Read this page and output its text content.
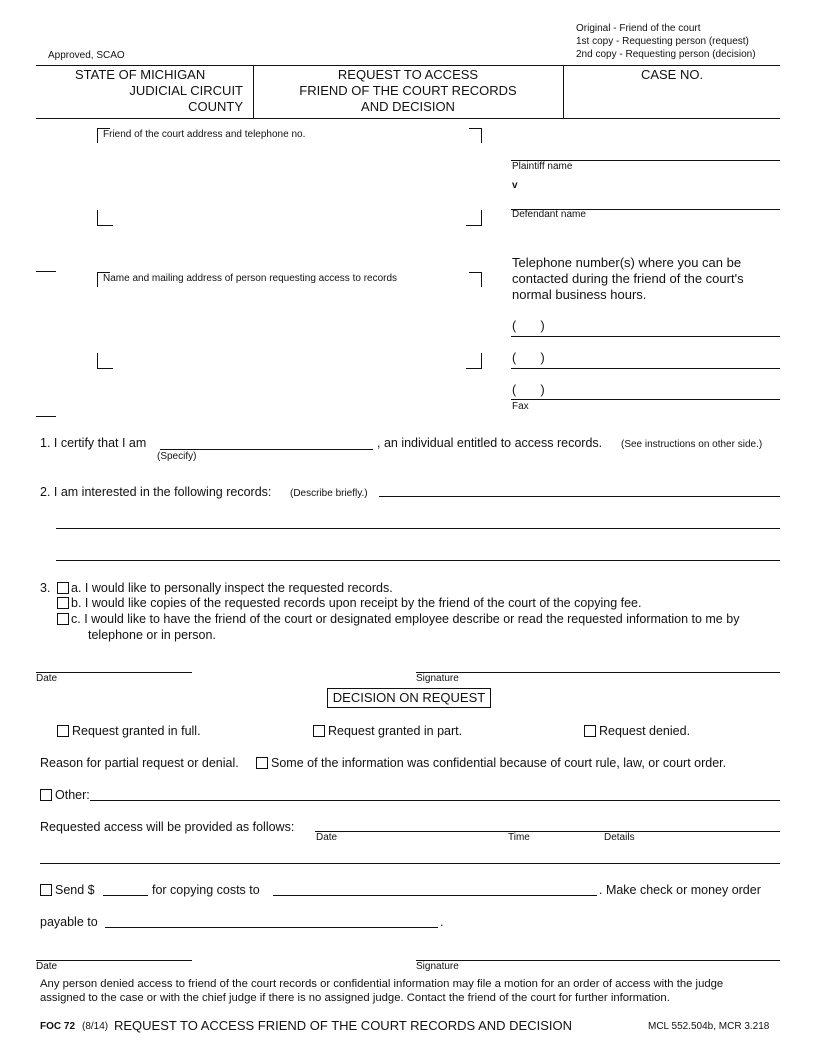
Approved, SCAO
Original - Friend of the court
1st copy - Requesting person (request)
2nd copy - Requesting person (decision)
STATE OF MICHIGAN
JUDICIAL CIRCUIT
COUNTY
REQUEST TO ACCESS
FRIEND OF THE COURT RECORDS
AND DECISION
CASE NO.
Friend of the court address and telephone no.
Name and mailing address of person requesting access to records
Plaintiff name
v
Defendant name
Telephone number(s) where you can be
contacted during the friend of the court's
normal business hours.
(       )
(       )
(       )
Fax
1. I certify that I am
(Specify)
, an individual entitled to access records. (See instructions on other side.)
2. I am interested in the following records: (Describe briefly.)
3. a. I would like to personally inspect the requested records.
b. I would like copies of the requested records upon receipt by the friend of the court of the copying fee.
c. I would like to have the friend of the court or designated employee describe or read the requested information to me by
telephone or in person.
Date	Signature
DECISION ON REQUEST
Request granted in full.	Request granted in part.	Request denied.
Reason for partial request or denial.	Some of the information was confidential because of court rule, law, or court order.
Other:
Requested access will be provided as follows:
Date	Time	Details
Send $	for copying costs to	. Make check or money order
payable to	.
Date	Signature
Any person denied access to friend of the court records or confidential information may file a motion for an order of access with the judge
assigned to the case or with the chief judge if there is no assigned judge. Contact the friend of the court for further information.
FOC 72 (8/14) REQUEST TO ACCESS FRIEND OF THE COURT RECORDS AND DECISION	MCL 552.504b, MCR 3.218
